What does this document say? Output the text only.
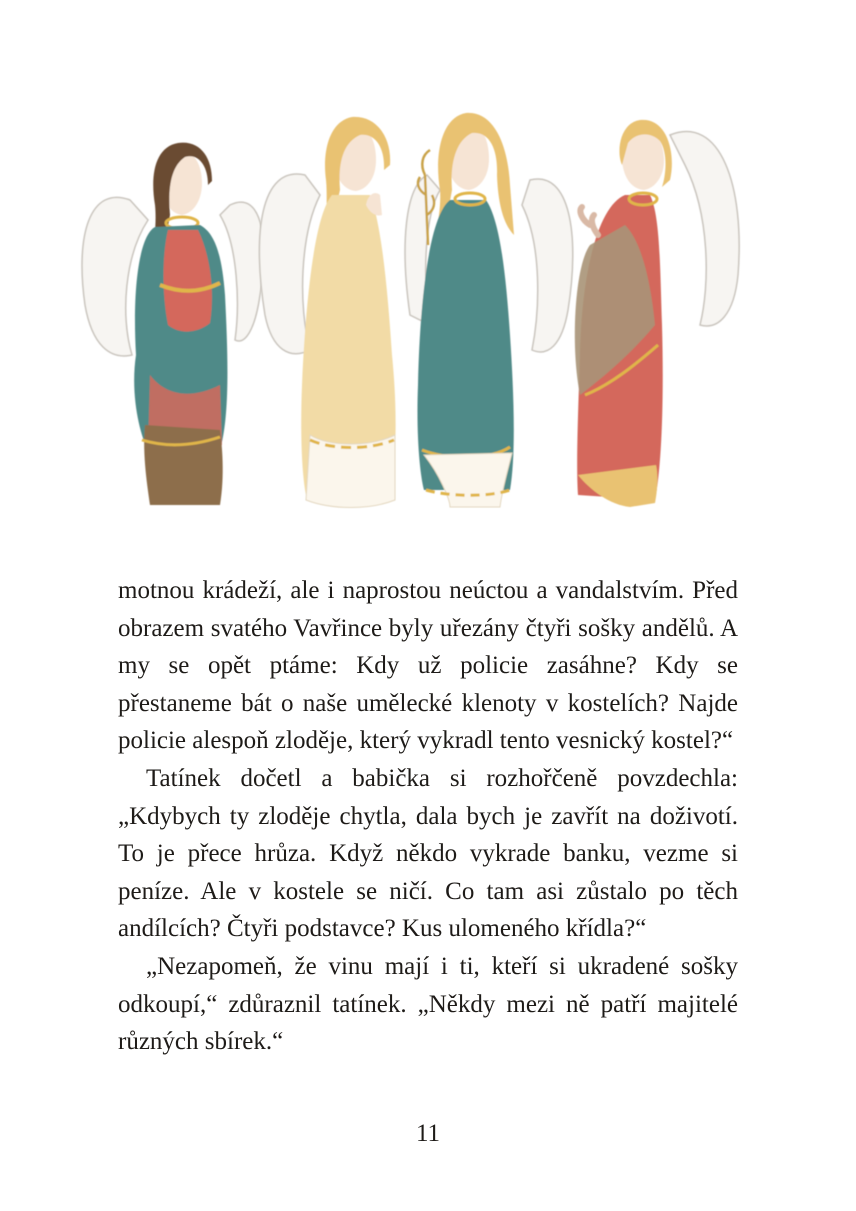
motnou krádeží, ale i naprostou neúctou a vandalstvím. Před obrazem svatého Vavřince byly uřezány čtyři sošky andělů. A my se opět ptáme: Kdy už policie zasáhne? Kdy se přestaneme bát o naše umělecké klenoty v kostelích? Najde policie alespoň zloděje, který vykradl tento vesnický kostel?“

Tatínek dočetl a babička si rozhořčeně povzdechla: „Kdybych ty zloděje chytla, dala bych je zavřít na doživotí. To je přece hrůza. Když někdo vykrade banku, vezme si peníze. Ale v kostele se ničí. Co tam asi zůstalo po těch andílcích? Čtyři podstavce? Kus ulomeného křídla?“

„Nezapomeň, že vinu mají i ti, kteří si ukradené sošky odkoupí,“ zdůraznil tatínek. „Někdy mezi ně patří majitelé různých sbírek.“

11
